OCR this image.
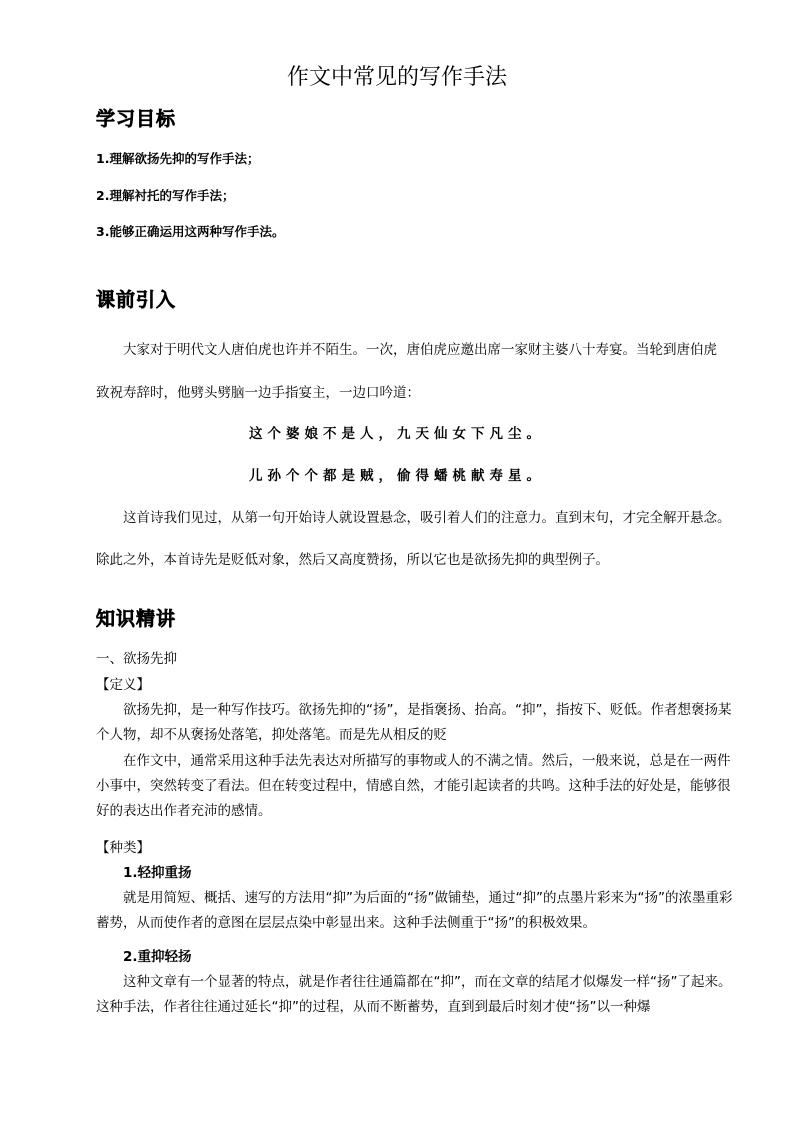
作文中常见的写作手法
学习目标
1.理解欲扬先抑的写作手法；
2.理解衬托的写作手法；
3.能够正确运用这两种写作手法。
课前引入
大家对于明代文人唐伯虎也许并不陌生。一次，唐伯虎应邀出席一家财主婆八十寿宴。当轮到唐伯虎
致祝寿辞时，他劈头劈脑一边手指宴主，一边口吟道：
这个婆娘不是人，九天仙女下凡尘。
儿孙个个都是贼，偷得蟠桃献寿星。
这首诗我们见过，从第一句开始诗人就设置悬念，吸引着人们的注意力。直到末句，才完全解开悬念。
除此之外，本首诗先是贬低对象，然后又高度赞扬，所以它也是欲扬先抑的典型例子。
知识精讲
一、欲扬先抑
【定义】

欲扬先抑，是一种写作技巧。欲扬先抑的“扬”，是指褒扬、抬高。“抑”，指按下、贬低。作者想褒扬某个人物，却不从褒扬处落笔，抑处落笔。而是先从相反的贬

在作文中，通常采用这种手法先表达对所描写的事物或人的不满之情。然后，一般来说，总是在一两件小事中，突然转变了看法。但在转变过程中，情感自然，才能引起读者的共鸣。这种手法的好处是，能够很好的表达出作者充沛的感情。

【种类】
1.轻抑重扬

就是用简短、概括、速写的方法用“抑”为后面的“扬”做铺垫，通过“抑”的点墨片彩来为“扬”的浓墨重彩蓄势，从而使作者的意图在层层点染中彰显出来。这种手法侧重于“扬”的积极效果。

2.重抑轻扬

这种文章有一个显著的特点，就是作者往往通篇都在“抑”，而在文章的结尾才似爆发一样“扬”了起来。这种手法，作者往往通过延长“抑”的过程，从而不断蓄势，直到到最后时刻才使“扬”以一种爆
